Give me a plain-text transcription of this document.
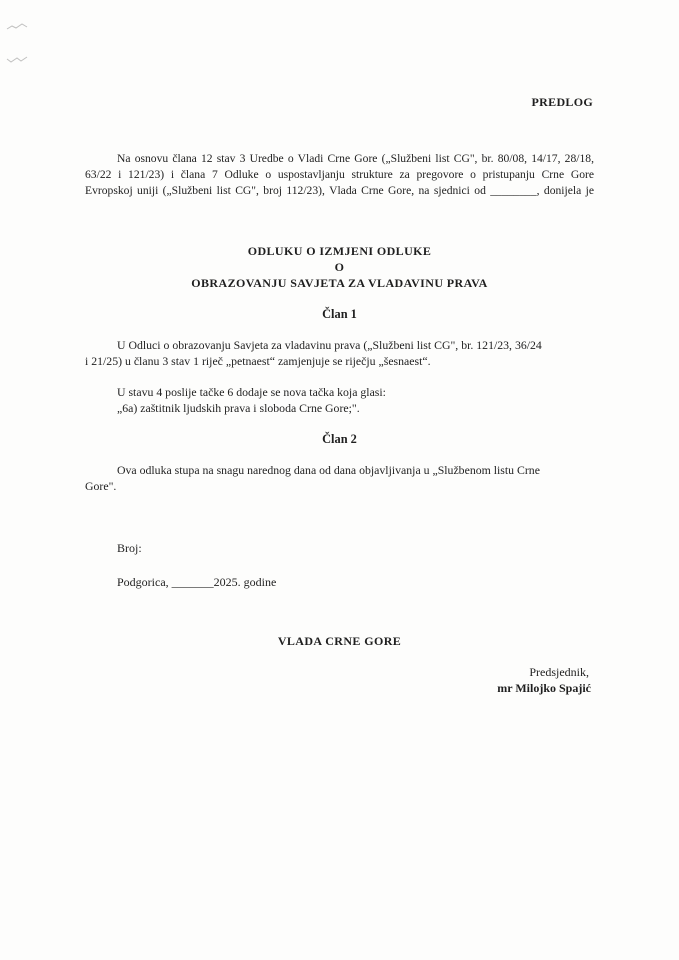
PREDLOG
Na osnovu člana 12 stav 3 Uredbe o Vladi Crne Gore („Službeni list CG", br. 80/08, 14/17, 28/18,
63/22 i 121/23) i člana 7 Odluke o uspostavljanju strukture za pregovore o pristupanju Crne Gore
Evropskoj uniji („Službeni list CG", broj 112/23), Vlada Crne Gore, na sjednici od ________, donijela je
ODLUKU O IZMJENI ODLUKE
O
OBRAZOVANJU SAVJETA ZA VLADAVINU PRAVA
Član 1
U Odluci o obrazovanju Savjeta za vladavinu prava („Službeni list CG", br. 121/23, 36/24
i 21/25) u članu 3 stav 1 riječ „petnaest“ zamjenjuje se riječju „šesnaest“.
U stavu 4 poslije tačke 6 dodaje se nova tačka koja glasi:
„6a) zaštitnik ljudskih prava i sloboda Crne Gore;".
Član 2
Ova odluka stupa na snagu narednog dana od dana objavljivanja u „Službenom listu Crne
Gore".
Broj:
Podgorica, _______2025. godine
VLADA CRNE GORE
Predsjednik,
mr Milojko Spajić
